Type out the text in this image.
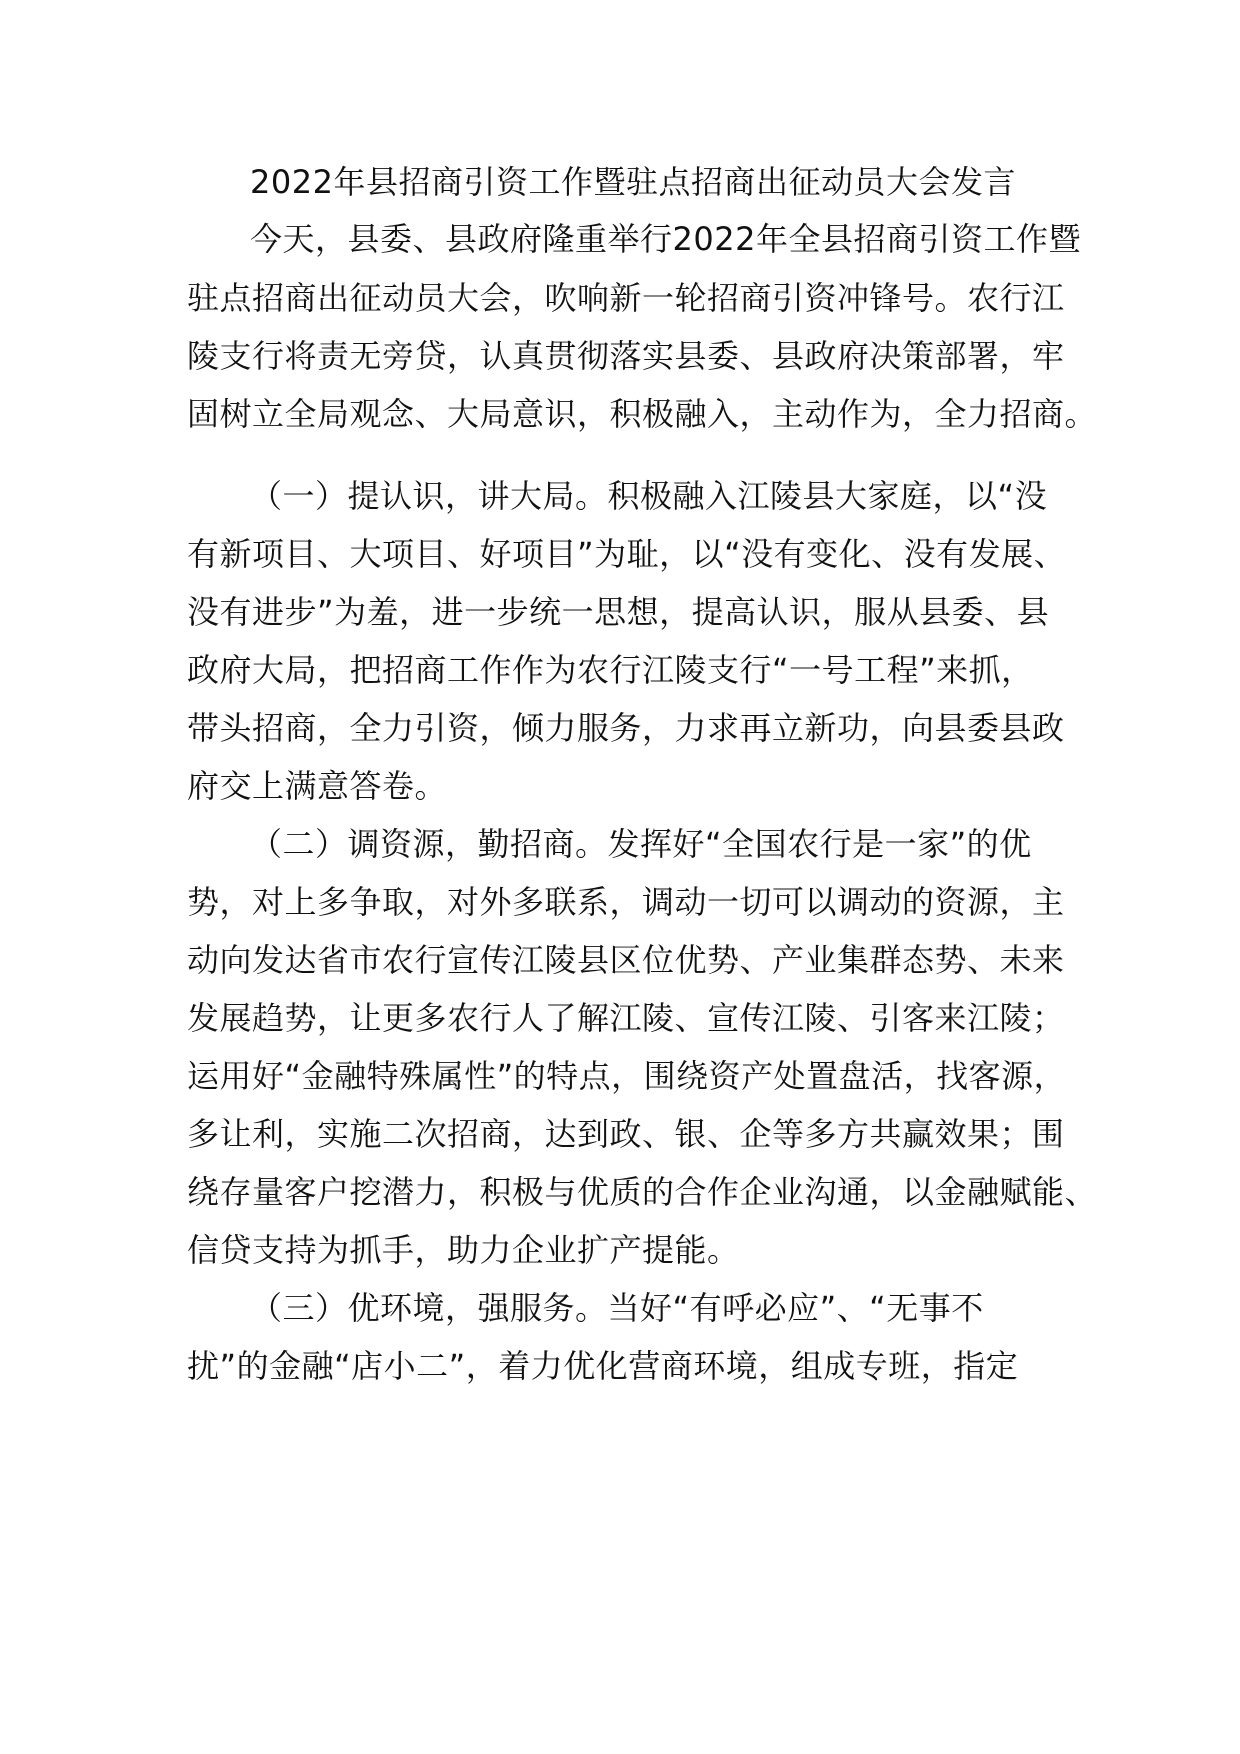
2022年县招商引资工作暨驻点招商出征动员大会发言
今天，县委、县政府隆重举行2022年全县招商引资工作暨
驻点招商出征动员大会，吹响新一轮招商引资冲锋号。农行江
陵支行将责无旁贷，认真贯彻落实县委、县政府决策部署，牢
固树立全局观念、大局意识，积极融入，主动作为，全力招商。
（一）提认识，讲大局。积极融入江陵县大家庭，以“没
有新项目、大项目、好项目”为耻，以“没有变化、没有发展、
没有进步”为羞，进一步统一思想，提高认识，服从县委、县
政府大局，把招商工作作为农行江陵支行“一号工程”来抓，
带头招商，全力引资，倾力服务，力求再立新功，向县委县政
府交上满意答卷。
（二）调资源，勤招商。发挥好“全国农行是一家”的优
势，对上多争取，对外多联系，调动一切可以调动的资源，主
动向发达省市农行宣传江陵县区位优势、产业集群态势、未来
发展趋势，让更多农行人了解江陵、宣传江陵、引客来江陵；
运用好“金融特殊属性”的特点，围绕资产处置盘活，找客源，
多让利，实施二次招商，达到政、银、企等多方共赢效果；围
绕存量客户挖潜力，积极与优质的合作企业沟通，以金融赋能、
信贷支持为抓手，助力企业扩产提能。
（三）优环境，强服务。当好“有呼必应”、“无事不
扰”的金融“店小二”，着力优化营商环境，组成专班，指定
